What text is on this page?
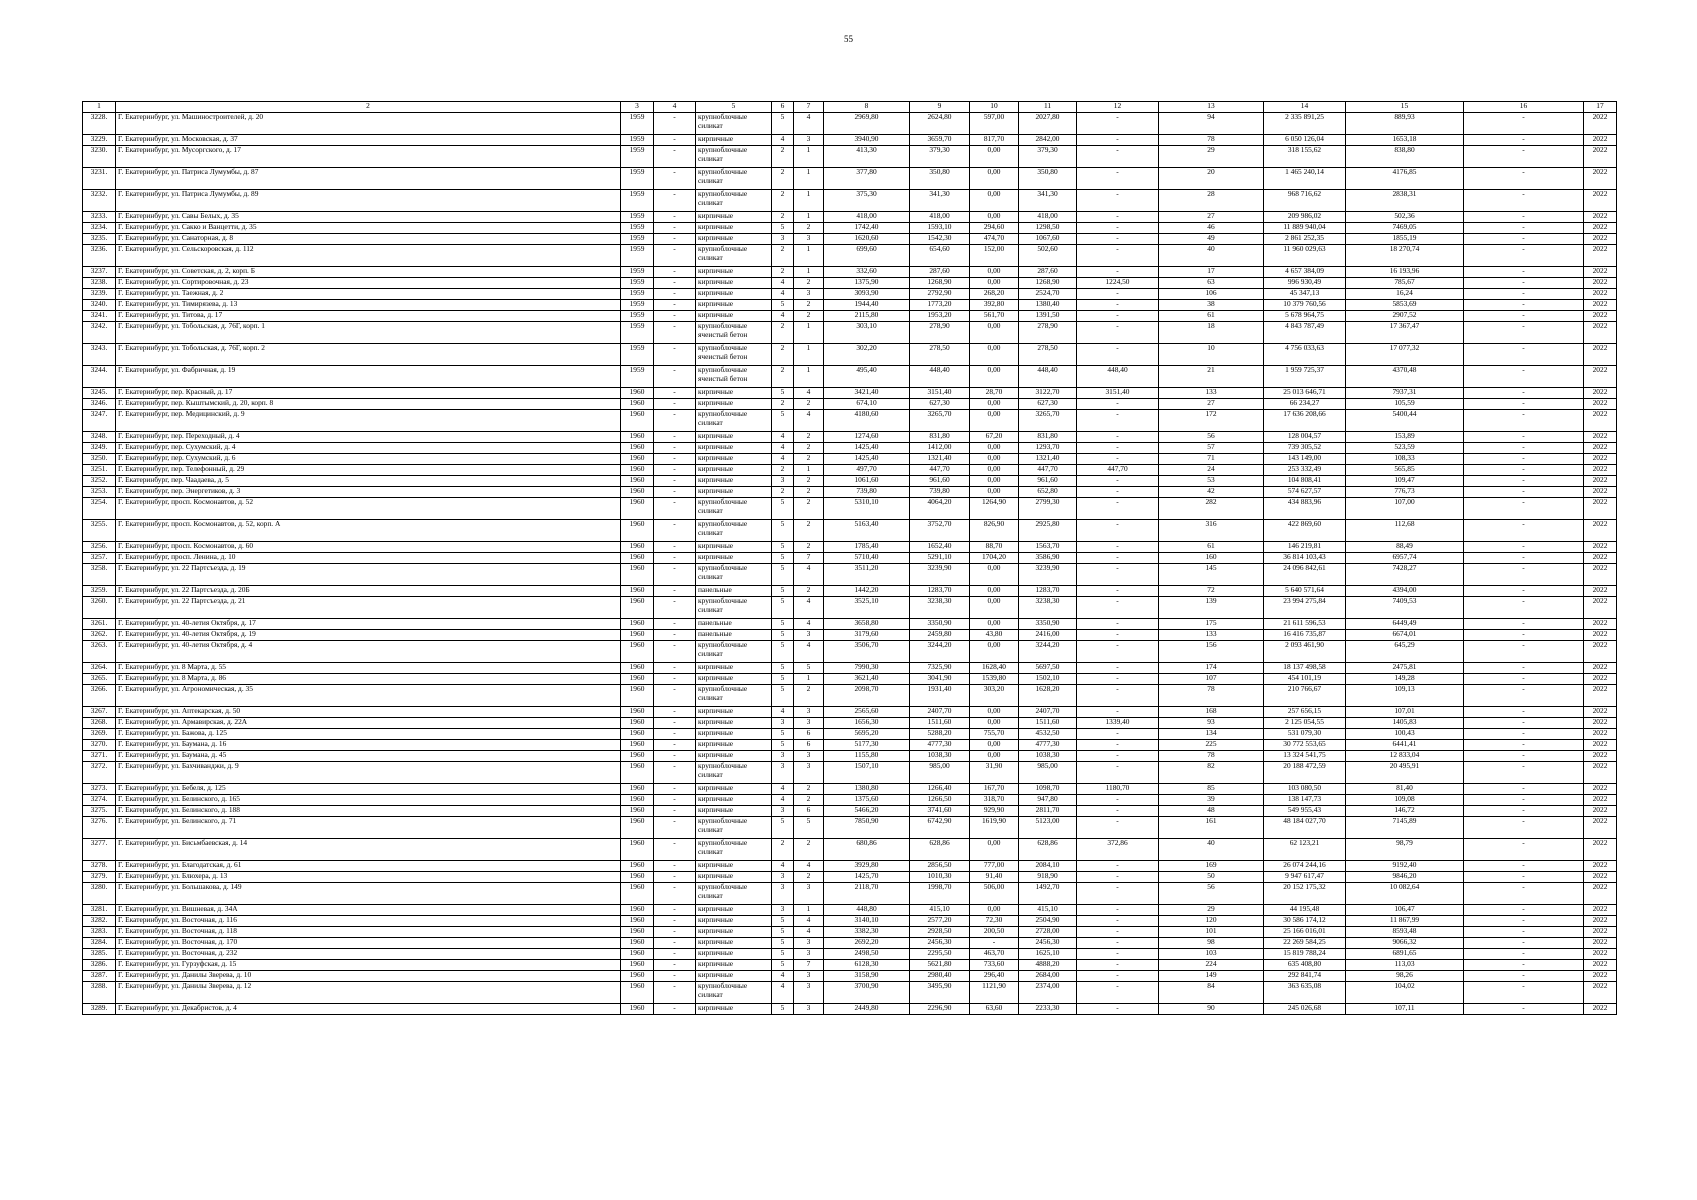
55
1	2	3	4	5	6	7	8	9	10	11	12	13	14	15	16	17
3228.	Г. Екатеринбург, ул. Машиностроителей, д. 20	1959	-	крупноблочные силикат	5	4	2969,80	2624,80	597,00	2027,80	-	94	2 335 891,25	889,93	-	2022
3229.	Г. Екатеринбург, ул. Московская, д. 37	1959	-	кирпичные	4	3	3940,90	3659,70	817,70	2842,00	-	78	6 050 126,04	1653,18	-	2022
3230.	Г. Екатеринбург, ул. Мусоргского, д. 17	1959	-	крупноблочные силикат	2	1	413,30	379,30	0,00	379,30	-	29	318 155,62	838,80	-	2022
3231.	Г. Екатеринбург, ул. Патриса Лумумбы, д. 87	1959	-	крупноблочные силикат	2	1	377,80	350,80	0,00	350,80	-	20	1 465 240,14	4176,85	-	2022
3232.	Г. Екатеринбург, ул. Патриса Лумумбы, д. 89	1959	-	крупноблочные силикат	2	1	375,30	341,30	0,00	341,30	-	28	968 716,62	2838,31	-	2022
3233.	Г. Екатеринбург, ул. Савы Белых, д. 35	1959	-	кирпичные	2	1	418,00	418,00	0,00	418,00	-	27	209 986,02	502,36	-	2022
3234.	Г. Екатеринбург, ул. Сакко и Ванцетти, д. 35	1959	-	кирпичные	5	2	1742,40	1593,10	294,60	1298,50	-	46	11 889 940,04	7469,05	-	2022
3235.	Г. Екатеринбург, ул. Санаторная, д. 8	1959	-	кирпичные	3	3	1620,60	1542,30	474,70	1067,60	-	49	2 861 252,35	1855,19	-	2022
3236.	Г. Екатеринбург, ул. Сельскоровская, д. 112	1959	-	крупноблочные силикат	2	1	699,60	654,60	152,00	502,60	-	40	11 960 029,63	18 270,74	-	2022
3237.	Г. Екатеринбург, ул. Советская, д. 2, корп. Б	1959	-	кирпичные	2	1	332,60	287,60	0,00	287,60	-	17	4 657 384,09	16 193,96	-	2022
3238.	Г. Екатеринбург, ул. Сортировочная, д. 23	1959	-	кирпичные	4	2	1375,90	1268,90	0,00	1268,90	1224,50	63	996 930,49	785,67	-	2022
3239.	Г. Екатеринбург, ул. Таежная, д. 2	1959	-	кирпичные	4	3	3093,90	2792,90	268,20	2524,70	-	106	45 347,13	16,24	-	2022
3240.	Г. Екатеринбург, ул. Тимирязева, д. 13	1959	-	кирпичные	5	2	1944,40	1773,20	392,80	1380,40	-	38	10 379 760,56	5853,69	-	2022
3241.	Г. Екатеринбург, ул. Титова, д. 17	1959	-	кирпичные	4	2	2115,80	1953,20	561,70	1391,50	-	61	5 678 964,75	2907,52	-	2022
3242.	Г. Екатеринбург, ул. Тобольская, д. 76Г, корп. 1	1959	-	крупноблочные ячеистый бетон	2	1	303,10	278,90	0,00	278,90	-	18	4 843 787,49	17 367,47	-	2022
3243.	Г. Екатеринбург, ул. Тобольская, д. 76Г, корп. 2	1959	-	крупноблочные ячеистый бетон	2	1	302,20	278,50	0,00	278,50	-	10	4 756 033,63	17 077,32	-	2022
3244.	Г. Екатеринбург, ул. Фабричная, д. 19	1959	-	крупноблочные ячеистый бетон	2	1	495,40	448,40	0,00	448,40	448,40	21	1 959 725,37	4370,48	-	2022
3245.	Г. Екатеринбург, пер. Красный, д. 17	1960	-	кирпичные	5	4	3421,40	3151,40	28,70	3122,70	3151,40	133	25 013 646,71	7937,31	-	2022
3246.	Г. Екатеринбург, пер. Кыштымский, д. 20, корп. 8	1960	-	кирпичные	2	2	674,10	627,30	0,00	627,30	-	27	66 234,27	105,59	-	2022
3247.	Г. Екатеринбург, пер. Медицинский, д. 9	1960	-	крупноблочные силикат	5	4	4180,60	3265,70	0,00	3265,70	-	172	17 636 208,66	5400,44	-	2022
3248.	Г. Екатеринбург, пер. Переходный, д. 4	1960	-	кирпичные	4	2	1274,60	831,80	67,20	831,80	-	56	128 004,57	153,89	-	2022
3249.	Г. Екатеринбург, пер. Сухумский, д. 4	1960	-	кирпичные	4	2	1425,40	1412,00	0,00	1293,70	-	57	739 305,52	523,59	-	2022
3250.	Г. Екатеринбург, пер. Сухумский, д. 6	1960	-	кирпичные	4	2	1425,40	1321,40	0,00	1321,40	-	71	143 149,00	108,33	-	2022
3251.	Г. Екатеринбург, пер. Телефонный, д. 29	1960	-	кирпичные	2	1	497,70	447,70	0,00	447,70	447,70	24	253 332,49	565,85	-	2022
3252.	Г. Екатеринбург, пер. Чаадаева, д. 5	1960	-	кирпичные	3	2	1061,60	961,60	0,00	961,60	-	53	104 808,41	109,47	-	2022
3253.	Г. Екатеринбург, пер. Энергетиков, д. 3	1960	-	кирпичные	2	2	739,80	739,80	0,00	652,80	-	42	574 627,57	776,73	-	2022
3254.	Г. Екатеринбург, просп. Космонавтов, д. 52	1960	-	крупноблочные силикат	5	2	5310,10	4064,20	1264,90	2799,30	-	282	434 883,96	107,00	-	2022
3255.	Г. Екатеринбург, просп. Космонавтов, д. 52, корп. А	1960	-	крупноблочные силикат	5	2	5163,40	3752,70	826,90	2925,80	-	316	422 869,60	112,68	-	2022
3256.	Г. Екатеринбург, просп. Космонавтов, д. 60	1960	-	кирпичные	5	2	1785,40	1652,40	88,70	1563,70	-	61	146 219,81	88,49	-	2022
3257.	Г. Екатеринбург, просп. Ленина, д. 10	1960	-	кирпичные	5	7	5710,40	5291,10	1704,20	3586,90	-	160	36 814 103,43	6957,74	-	2022
3258.	Г. Екатеринбург, ул. 22 Партсъезда, д. 19	1960	-	крупноблочные силикат	5	4	3511,20	3239,90	0,00	3239,90	-	145	24 096 842,61	7428,27	-	2022
3259.	Г. Екатеринбург, ул. 22 Партсъезда, д. 20Б	1960	-	панельные	5	2	1442,20	1283,70	0,00	1283,70	-	72	5 640 571,64	4394,00	-	2022
3260.	Г. Екатеринбург, ул. 22 Партсъезда, д. 21	1960	-	крупноблочные силикат	5	4	3525,10	3238,30	0,00	3238,30	-	139	23 994 275,84	7409,53	-	2022
3261.	Г. Екатеринбург, ул. 40-летия Октября, д. 17	1960	-	панельные	5	4	3658,80	3350,90	0,00	3350,90	-	175	21 611 596,53	6449,49	-	2022
3262.	Г. Екатеринбург, ул. 40-летия Октября, д. 19	1960	-	панельные	5	3	3179,60	2459,80	43,80	2416,00	-	133	16 416 735,87	6674,01	-	2022
3263.	Г. Екатеринбург, ул. 40-летия Октября, д. 4	1960	-	крупноблочные силикат	5	4	3506,70	3244,20	0,00	3244,20	-	156	2 093 461,90	645,29	-	2022
3264.	Г. Екатеринбург, ул. 8 Марта, д. 55	1960	-	кирпичные	5	5	7990,30	7325,90	1628,40	5697,50	-	174	18 137 498,58	2475,81	-	2022
3265.	Г. Екатеринбург, ул. 8 Марта, д. 86	1960	-	кирпичные	5	1	3621,40	3041,90	1539,80	1502,10	-	107	454 101,19	149,28	-	2022
3266.	Г. Екатеринбург, ул. Агрономическая, д. 35	1960	-	крупноблочные силикат	5	2	2098,70	1931,40	303,20	1628,20	-	78	210 766,67	109,13	-	2022
3267.	Г. Екатеринбург, ул. Аптекарская, д. 50	1960	-	кирпичные	4	3	2565,60	2407,70	0,00	2407,70	-	168	257 656,15	107,01	-	2022
3268.	Г. Екатеринбург, ул. Армавирская, д. 22А	1960	-	кирпичные	3	3	1656,30	1511,60	0,00	1511,60	1339,40	93	2 125 054,55	1405,83	-	2022
3269.	Г. Екатеринбург, ул. Бажова, д. 125	1960	-	кирпичные	5	6	5695,20	5288,20	755,70	4532,50	-	134	531 079,30	100,43	-	2022
3270.	Г. Екатеринбург, ул. Баумана, д. 16	1960	-	кирпичные	5	6	5177,30	4777,30	0,00	4777,30	-	225	30 772 553,65	6441,41	-	2022
3271.	Г. Екатеринбург, ул. Баумана, д. 45	1960	-	кирпичные	3	3	1155,80	1038,30	0,00	1038,30	-	78	13 324 541,75	12 833,04	-	2022
3272.	Г. Екатеринбург, ул. Бахчиванджи, д. 9	1960	-	крупноблочные силикат	3	3	1507,10	985,00	31,90	985,00	-	82	20 188 472,59	20 495,91	-	2022
3273.	Г. Екатеринбург, ул. Бебеля, д. 125	1960	-	кирпичные	4	2	1380,80	1266,40	167,70	1098,70	1180,70	85	103 080,50	81,40	-	2022
3274.	Г. Екатеринбург, ул. Белинского, д. 165	1960	-	кирпичные	4	2	1375,60	1266,50	318,70	947,80	-	39	138 147,73	109,08	-	2022
3275.	Г. Екатеринбург, ул. Белинского, д. 188	1960	-	кирпичные	3	6	5466,20	3741,60	929,90	2811,70	-	48	549 955,43	146,72	-	2022
3276.	Г. Екатеринбург, ул. Белинского, д. 71	1960	-	крупноблочные силикат	5	5	7850,90	6742,90	1619,90	5123,00	-	161	48 184 027,70	7145,89	-	2022
3277.	Г. Екатеринбург, ул. Бисьмбаевская, д. 14	1960	-	крупноблочные силикат	2	2	680,86	628,86	0,00	628,86	372,86	40	62 123,21	98,79	-	2022
3278.	Г. Екатеринбург, ул. Благодатская, д. 61	1960	-	кирпичные	4	4	3929,80	2856,50	777,00	2084,10	-	169	26 074 244,16	9192,40	-	2022
3279.	Г. Екатеринбург, ул. Блюхера, д. 13	1960	-	кирпичные	3	2	1425,70	1010,30	91,40	918,90	-	50	9 947 617,47	9846,20	-	2022
3280.	Г. Екатеринбург, ул. Большакова, д. 149	1960	-	крупноблочные силикат	3	3	2118,70	1998,70	506,00	1492,70	-	56	20 152 175,32	10 082,64	-	2022
3281.	Г. Екатеринбург, ул. Вишневая, д. 34А	1960	-	кирпичные	3	1	448,80	415,10	0,00	415,10	-	29	44 195,48	106,47	-	2022
3282.	Г. Екатеринбург, ул. Восточная, д. 116	1960	-	кирпичные	5	4	3140,10	2577,20	72,30	2504,90	-	120	30 586 174,12	11 867,99	-	2022
3283.	Г. Екатеринбург, ул. Восточная, д. 118	1960	-	кирпичные	5	4	3382,30	2928,50	200,50	2728,00	-	101	25 166 016,01	8593,48	-	2022
3284.	Г. Екатеринбург, ул. Восточная, д. 170	1960	-	кирпичные	5	3	2692,20	2456,30	-	2456,30	-	98	22 269 584,25	9066,32	-	2022
3285.	Г. Екатеринбург, ул. Восточная, д. 232	1960	-	кирпичные	5	3	2498,50	2295,50	463,70	1625,10	-	103	15 819 788,24	6891,65	-	2022
3286.	Г. Екатеринбург, ул. Гурзуфская, д. 15	1960	-	кирпичные	5	7	6128,30	5621,80	733,60	4888,20	-	224	635 408,80	113,03	-	2022
3287.	Г. Екатеринбург, ул. Данилы Зверева, д. 10	1960	-	кирпичные	4	3	3158,90	2980,40	296,40	2684,00	-	149	292 841,74	98,26	-	2022
3288.	Г. Екатеринбург, ул. Данилы Зверева, д. 12	1960	-	крупноблочные силикат	4	3	3700,90	3495,90	1121,90	2374,00	-	84	363 635,08	104,02	-	2022
3289.	Г. Екатеринбург, ул. Декабристов, д. 4	1960	-	кирпичные	5	3	2449,80	2296,90	63,60	2233,30	-	90	245 026,68	107,11	-	2022
